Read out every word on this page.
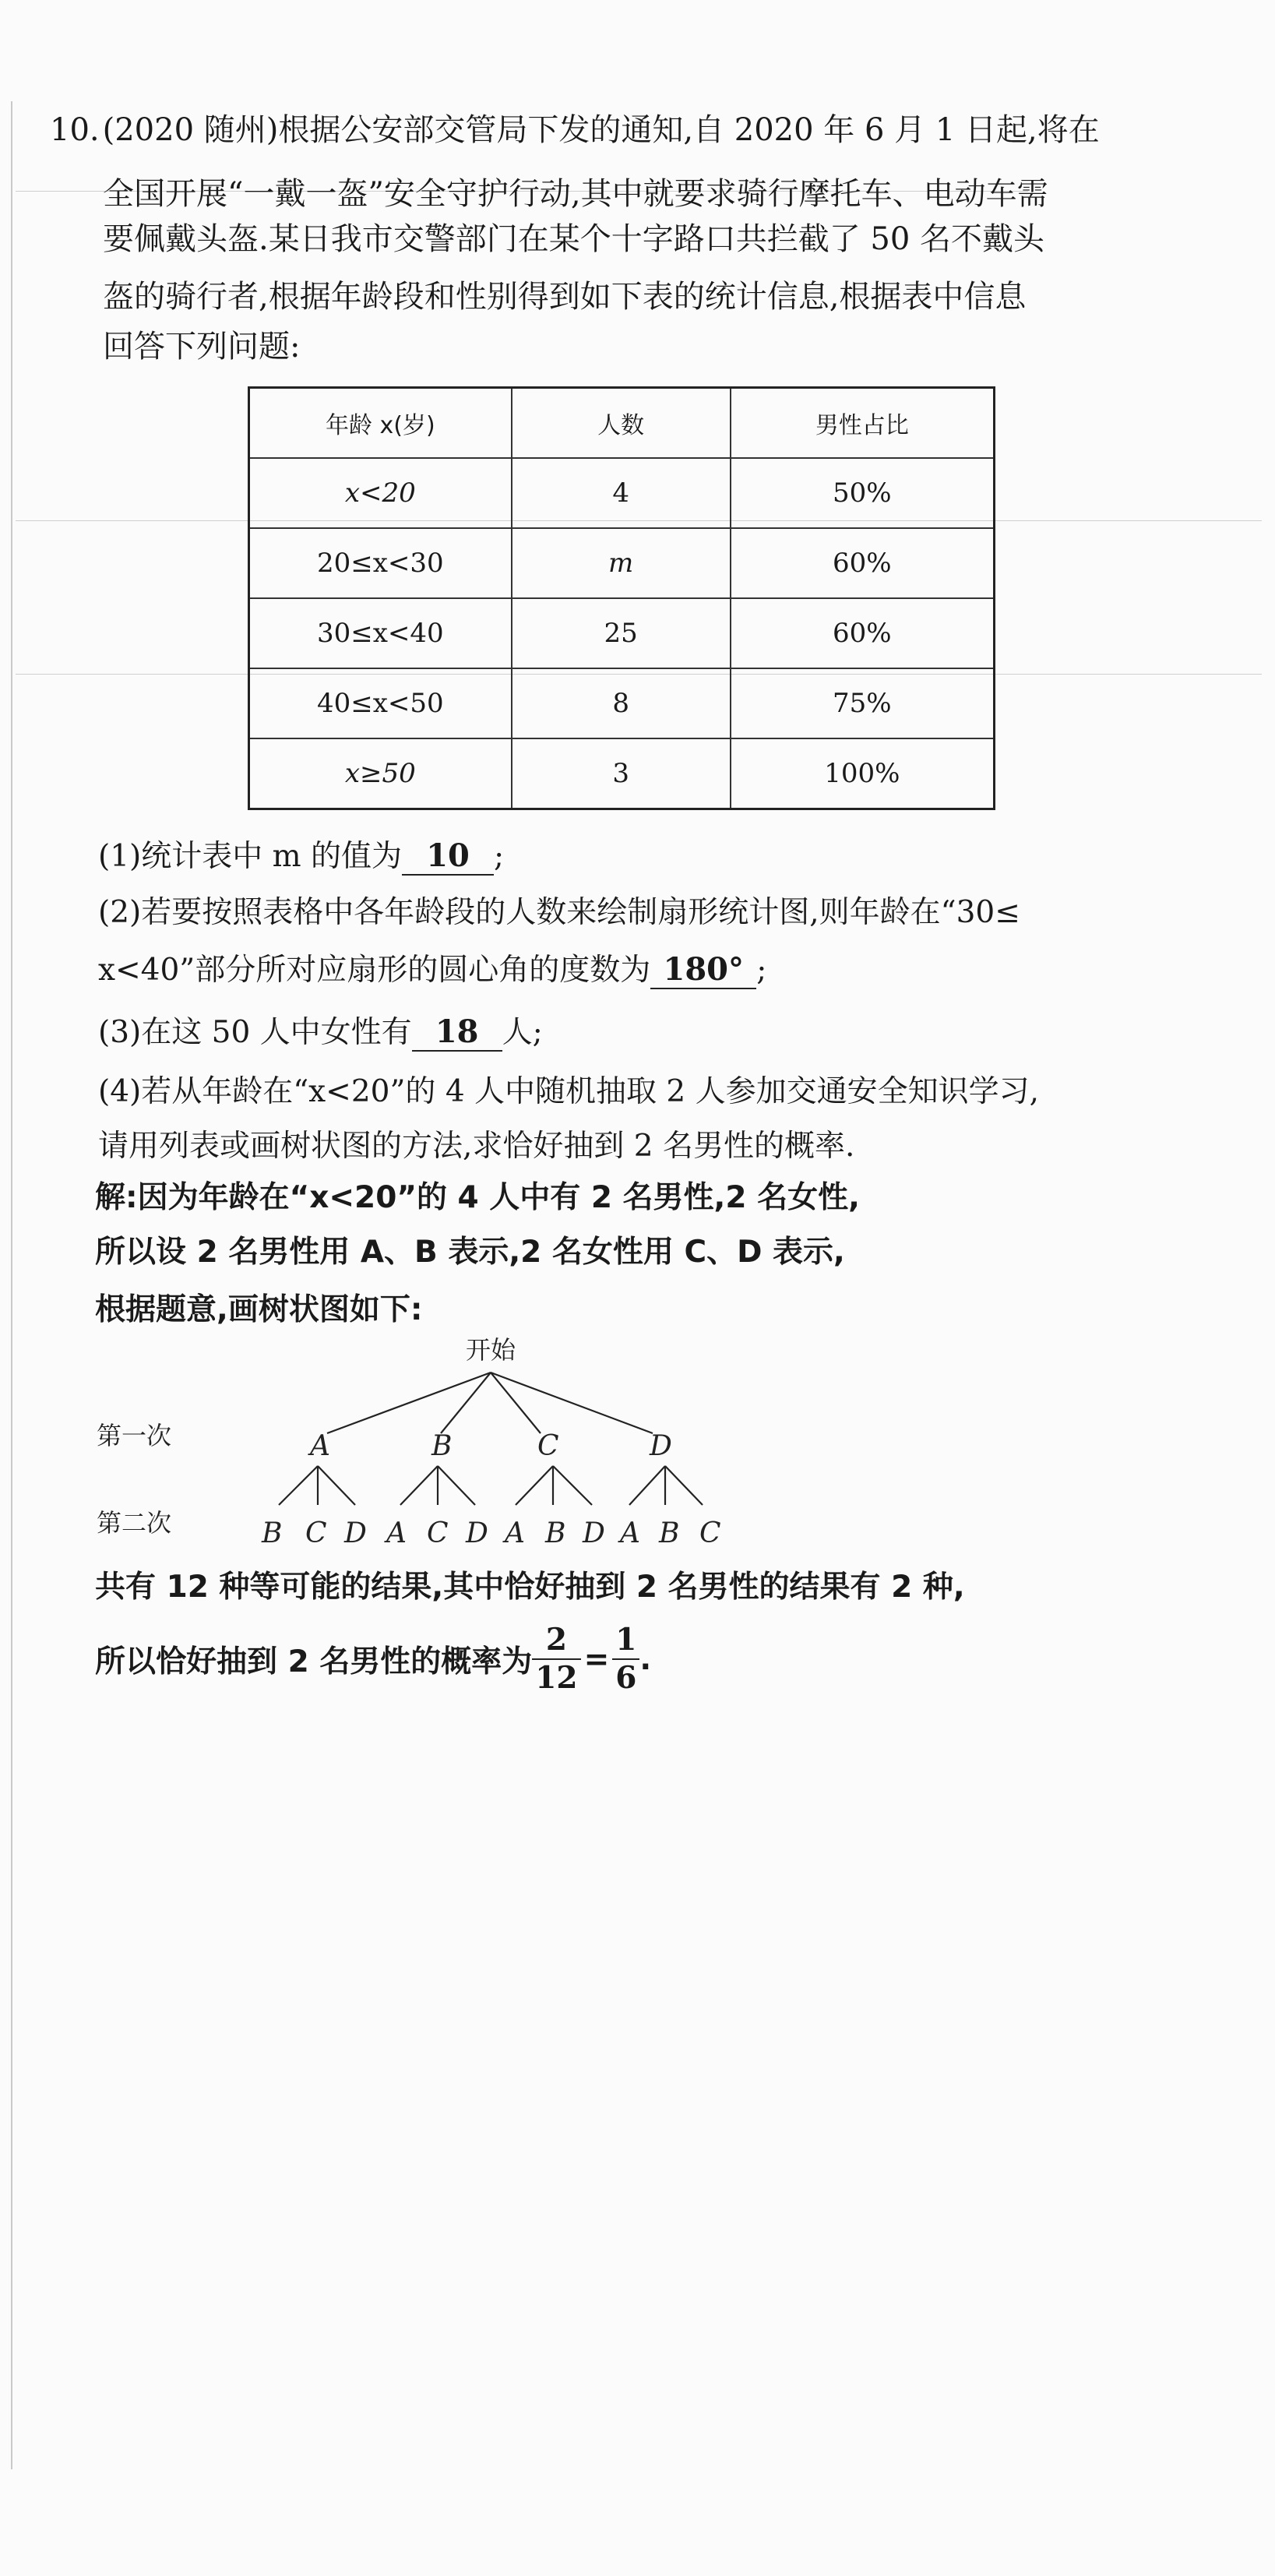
10. (2020 随州)根据公安部交管局下发的通知,自 2020 年 6 月 1 日起,将在
全国开展“一戴一盔”安全守护行动,其中就要求骑行摩托车、电动车需
要佩戴头盔.某日我市交警部门在某个十字路口共拦截了 50 名不戴头
盔的骑行者,根据年龄段和性别得到如下表的统计信息,根据表中信息
回答下列问题:
年龄 x(岁)	人数	男性占比
x<20	4	50%
20≤x<30	m	60%
30≤x<40	25	60%
40≤x<50	8	75%
x≥50	3	100%
(1)统计表中 m 的值为 10 ;
(2)若要按照表格中各年龄段的人数来绘制扇形统计图,则年龄在“30≤
x<40”部分所对应扇形的圆心角的度数为 180° ;
(3)在这 50 人中女性有 18 人;
(4)若从年龄在“x<20”的 4 人中随机抽取 2 人参加交通安全知识学习,
请用列表或画树状图的方法,求恰好抽到 2 名男性的概率.
解:因为年龄在“x<20”的 4 人中有 2 名男性,2 名女性,
所以设 2 名男性用 A、B 表示,2 名女性用 C、D 表示,
根据题意,画树状图如下:
开始
第一次	A	B	C	D
第二次	B C D A C D A B D A B C
共有 12 种等可能的结果,其中恰好抽到 2 名男性的结果有 2 种,
所以恰好抽到 2 名男性的概率为 $\frac{2}{12} = \frac{1}{6}$ .
